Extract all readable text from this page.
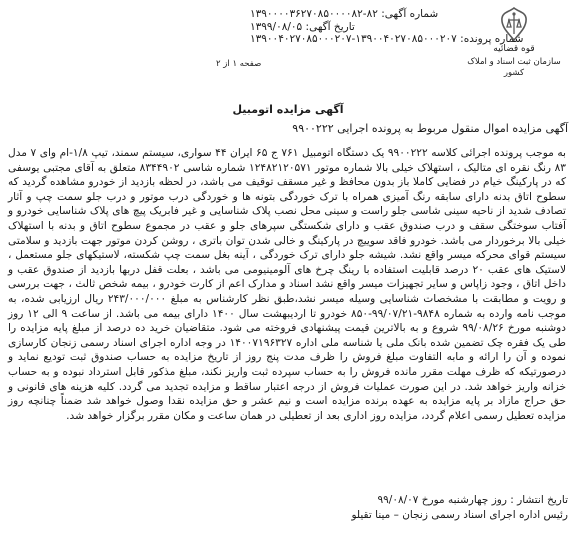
شماره آگهی: ۸۲-۱۳۹۰۰۰۰۳۶۲۷۰۸۵۰۰۰۰۸۲
تاریخ آگهی: ۱۳۹۹/۰۸/۰۵
شماره پرونده: ۱۳۹۰۰۴۰۲۷۰۸۵۰۰۰۲۰۷-۱۳۹۰۰۴۰۲۷۰۸۵۰۰۰۲۰۷
قوه قضائیه
سازمان ثبت اسناد و املاک کشور
صفحه ۱ از ۲
آگهی مزایده اتومبیل
آگهی مزایده اموال منقول مربوط به پرونده اجرایی ۹۹۰۰۲۲۲
به موجب پرونده اجرائی کلاسه ۹۹۰۰۲۲۲ یک دستگاه اتومبیل ۷۶۱ ج ۶۵ ایران ۴۴ سواری، سیستم سمند، تیپ ۱/۸-ام وای ۷ مدل ۸۳ رنگ نقره ای متالیک ، استهلاک خیلی بالا شماره موتور ۱۲۴۸۲۱۲۰۵۷۱ شماره شاسی ۸۳۴۴۹۰۲ متعلق به آقای مجتبی یوسفی که در پارکینگ خیام در فضایی کاملا باز بدون محافظ و غیر مسقف توقیف می باشد، در لحظه بازدید از خودرو مشاهده گردید که سطوح اتاق بدنه دارای سابقه رنگ آمیزی همراه با ترک خوردگی بتونه ها و خوردگی درب موتور و درب جلو سمت چپ و آثار تصادف شدید از ناحیه سینی شاسی جلو راست و سینی محل نصب پلاک شناسایی و غیر فابریک پیچ های پلاک شناسایی خودرو و آفتاب سوختگی سقف و درب صندوق عقب و دارای شکستگی سپرهای جلو و عقب در مجموع سطوح اتاق و بدنه با استهلاک خیلی بالا برخوردار می باشد. خودرو فاقد سوییچ در پارکینگ و خالی شدن توان باتری ، روشن کردن موتور جهت بازدید و سلامتی سیستم قوای محرکه میسر واقع نشد. شیشه جلو دارای ترک خوردگی ، آینه بغل سمت چپ شکسته، لاستیکهای جلو مستعمل ، لاستیک های عقب ۲۰ درصد قابلیت استفاده با رینگ چرخ های آلومینیومی می باشد ، بعلت قفل دربها بازدید از صندوق عقب و داخل اتاق ، وجود زاپاس و سایر تجهیزات میسر واقع نشد اسناد و مدارک اعم از کارت خودرو ، بیمه شخص ثالث ، جهت بررسی و رویت و مطابقت با مشخصات شناسایی وسیله میسر نشد،طبق نظر کارشناس به مبلغ ۲۴۳/۰۰۰/۰۰۰ ریال ارزیابی شده، به موجب نامه وارده به شماره ۹۸۴۸-۹۹/۰۷/۲۱-۸۵۰ خودرو تا اردیبهشت سال ۱۴۰۰ دارای بیمه می باشد. از ساعت ۹ الی ۱۲ روز دوشنبه مورخ ۹۹/۰۸/۲۶ شروع و به بالاترین قیمت پیشنهادی فروخته می شود. متقاضیان خرید ده درصد از مبلغ پایه مزایده را طی یک فقره چک تضمین شده بانک ملی یا شناسه ملی اداره ۱۴۰۰۷۱۹۶۳۲۷ در وجه اداره اجرای اسناد رسمی زنجان کارسازی نموده و آن را ارائه و مابه التفاوت مبلغ فروش را ظرف مدت پنج روز از تاریخ مزایده به حساب صندوق ثبت تودیع نماید و درصورتیکه که ظرف مهلت مقرر مانده فروش را به حساب سپرده ثبت واریز نکند، مبلغ مذکور قابل استرداد نبوده و به حساب خزانه واریز خواهد شد. در این صورت عملیات فروش از درجه اعتبار ساقط و مزایده تجدید می گردد. کلیه هزینه های قانونی و حق حراج مازاد بر پایه مزایده به عهده برنده مزایده است و نیم عشر و حق مزایده نقدا وصول خواهد شد ضمناً چنانچه روز مزایده تعطیل رسمی اعلام گردد، مزایده روز اداری بعد از تعطیلی در همان ساعت و مکان مقرر برگزار خواهد شد.
تاریخ انتشار : روز چهارشنبه مورخ ۹۹/۰۸/۰۷
رئیس اداره اجرای اسناد رسمی زنجان – مینا تقیلو
